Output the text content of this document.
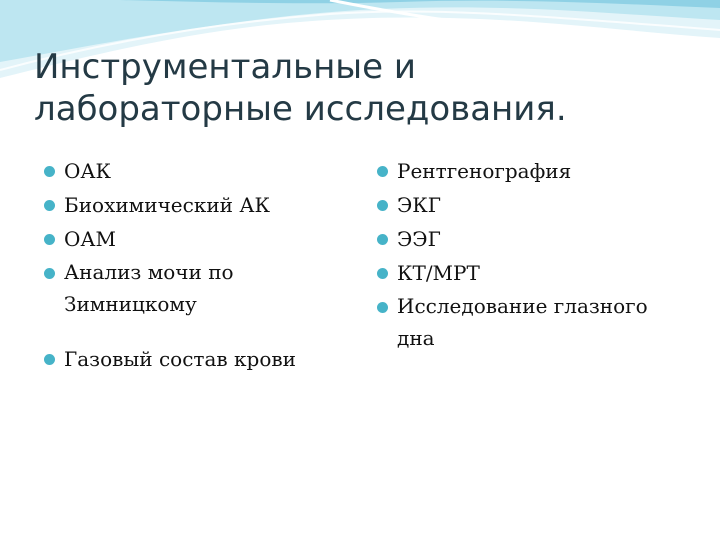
Инструментальные и
лабораторные исследования.
ОАК
Биохимический АК
ОАМ
Анализ мочи по Зимницкому
Газовый состав крови
Рентгенография
ЭКГ
ЭЭГ
КТ/МРТ
Исследование глазного дна
